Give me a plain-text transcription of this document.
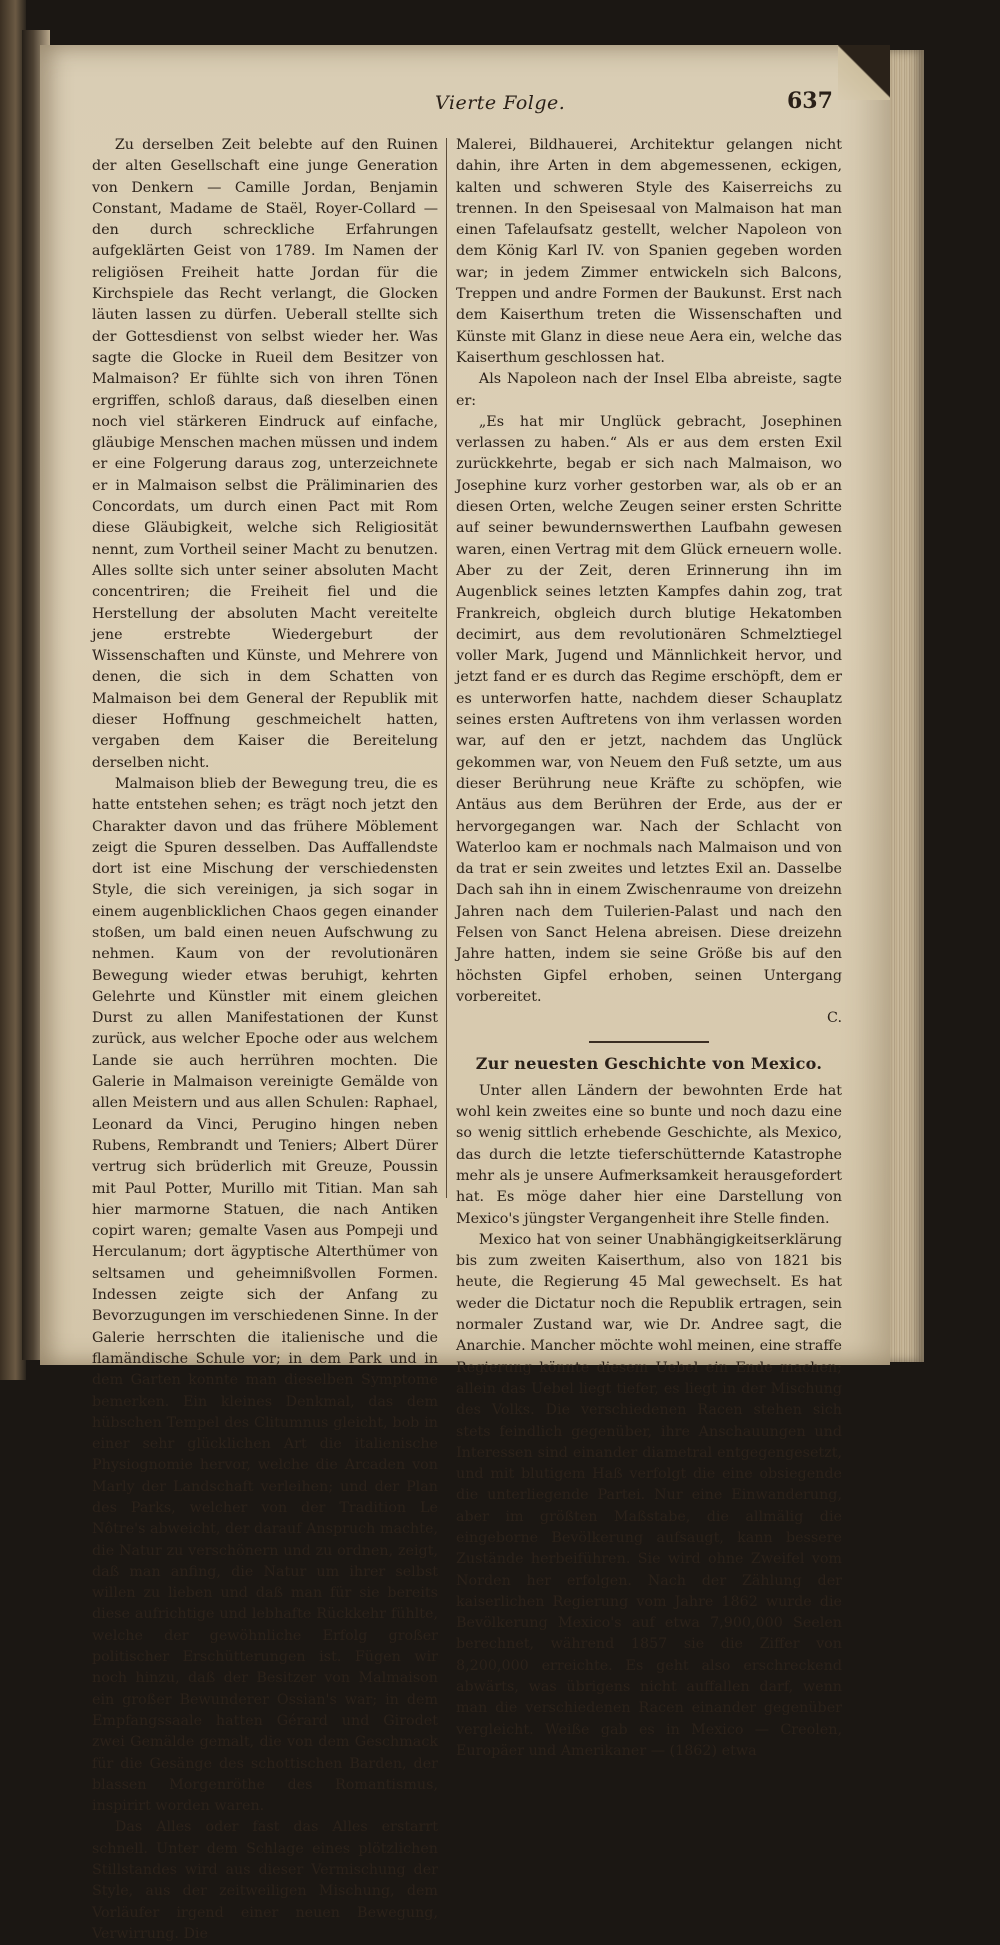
Vierte Folge.	637

Zu derselben Zeit belebte auf den Ruinen der alten Gesellschaft eine junge Generation von Denkern — Camille Jordan, Benjamin Constant, Madame de Staël, Royer-Collard — den durch schreckliche Erfahrungen aufgeklärten Geist von 1789. Im Namen der religiösen Freiheit hatte Jordan für die Kirchspiele das Recht verlangt, die Glocken läuten lassen zu dürfen. Ueberall stellte sich der Gottesdienst von selbst wieder her. Was sagte die Glocke in Rueil dem Besitzer von Malmaison? Er fühlte sich von ihren Tönen ergriffen, schloß daraus, daß dieselben einen noch viel stärkeren Eindruck auf einfache, gläubige Menschen machen müssen und indem er eine Folgerung daraus zog, unterzeichnete er in Malmaison selbst die Präliminarien des Concordats, um durch einen Pact mit Rom diese Gläubigkeit, welche sich Religiosität nennt, zum Vortheil seiner Macht zu benutzen. Alles sollte sich unter seiner absoluten Macht concentriren; die Freiheit fiel und die Herstellung der absoluten Macht vereitelte jene erstrebte Wiedergeburt der Wissenschaften und Künste, und Mehrere von denen, die sich in dem Schatten von Malmaison bei dem General der Republik mit dieser Hoffnung geschmeichelt hatten, vergaben dem Kaiser die Bereitelung derselben nicht.

Malmaison blieb der Bewegung treu, die es hatte entstehen sehen; es trägt noch jetzt den Charakter davon und das frühere Möblement zeigt die Spuren desselben. Das Auffallendste dort ist eine Mischung der verschiedensten Style, die sich vereinigen, ja sich sogar in einem augenblicklichen Chaos gegen einander stoßen, um bald einen neuen Aufschwung zu nehmen. Kaum von der revolutionären Bewegung wieder etwas beruhigt, kehrten Gelehrte und Künstler mit einem gleichen Durst zu allen Manifestationen der Kunst zurück, aus welcher Epoche oder aus welchem Lande sie auch herrühren mochten. Die Galerie in Malmaison vereinigte Gemälde von allen Meistern und aus allen Schulen: Raphael, Leonard da Vinci, Perugino hingen neben Rubens, Rembrandt und Teniers; Albert Dürer vertrug sich brüderlich mit Greuze, Poussin mit Paul Potter, Murillo mit Titian. Man sah hier marmorne Statuen, die nach Antiken copirt waren; gemalte Vasen aus Pompeji und Herculanum; dort ägyptische Alterthümer von seltsamen und geheimnißvollen Formen. Indessen zeigte sich der Anfang zu Bevorzugungen im verschiedenen Sinne. In der Galerie herrschten die italienische und die flamändische Schule vor; in dem Park und in dem Garten konnte man dieselben Symptome bemerken. Ein kleines Denkmal, das dem hübschen Tempel des Clitumnus gleicht, bob in einer sehr glücklichen Art die italienische Physiognomie hervor, welche die Arcaden von Marly der Landschaft verleihen; und der Plan des Parks, welcher von der Tradition Le Nôtre's abweicht, der darauf Anspruch machte, die Natur zu verschönern und zu ordnen, zeigt, daß man anfing, die Natur um ihrer selbst willen zu lieben und daß man für sie bereits diese aufrichtige und lebhafte Rückkehr fühlte, welche der gewöhnliche Erfolg großer politischer Erschütterungen ist. Fügen wir noch hinzu, daß der Besitzer von Malmaison ein großer Bewunderer Ossian's war; in dem Empfangssaale hatten Gérard und Girodet zwei Gemälde gemalt, die von dem Geschmack für die Gesänge des schottischen Barden, der blassen Morgenröthe des Romantismus, inspirirt worden waren.

Das Alles oder fast das Alles erstarrt schnell. Unter dem Schlage eines plötzlichen Stillstandes wird aus dieser Vermischung der Style, aus der zeitweiligen Mischung, dem Vorläufer irgend einer neuen Bewegung, Verwirrung. Die

Malerei, Bildhauerei, Architektur gelangen nicht dahin, ihre Arten in dem abgemessenen, eckigen, kalten und schweren Style des Kaiserreichs zu trennen. In den Speisesaal von Malmaison hat man einen Tafelaufsatz gestellt, welcher Napoleon von dem König Karl IV. von Spanien gegeben worden war; in jedem Zimmer entwickeln sich Balcons, Treppen und andre Formen der Baukunst. Erst nach dem Kaiserthum treten die Wissenschaften und Künste mit Glanz in diese neue Aera ein, welche das Kaiserthum geschlossen hat.

Als Napoleon nach der Insel Elba abreiste, sagte er:

„Es hat mir Unglück gebracht, Josephinen verlassen zu haben.“ Als er aus dem ersten Exil zurückkehrte, begab er sich nach Malmaison, wo Josephine kurz vorher gestorben war, als ob er an diesen Orten, welche Zeugen seiner ersten Schritte auf seiner bewundernswerthen Laufbahn gewesen waren, einen Vertrag mit dem Glück erneuern wolle. Aber zu der Zeit, deren Erinnerung ihn im Augenblick seines letzten Kampfes dahin zog, trat Frankreich, obgleich durch blutige Hekatomben decimirt, aus dem revolutionären Schmelztiegel voller Mark, Jugend und Männlichkeit hervor, und jetzt fand er es durch das Regime erschöpft, dem er es unterworfen hatte, nachdem dieser Schauplatz seines ersten Auftretens von ihm verlassen worden war, auf den er jetzt, nachdem das Unglück gekommen war, von Neuem den Fuß setzte, um aus dieser Berührung neue Kräfte zu schöpfen, wie Antäus aus dem Berühren der Erde, aus der er hervorgegangen war. Nach der Schlacht von Waterloo kam er nochmals nach Malmaison und von da trat er sein zweites und letztes Exil an. Dasselbe Dach sah ihn in einem Zwischenraume von dreizehn Jahren nach dem Tuilerien-Palast und nach den Felsen von Sanct Helena abreisen. Diese dreizehn Jahre hatten, indem sie seine Größe bis auf den höchsten Gipfel erhoben, seinen Untergang vorbereitet.

C.
Zur neuesten Geschichte von Mexico.

Unter allen Ländern der bewohnten Erde hat wohl kein zweites eine so bunte und noch dazu eine so wenig sittlich erhebende Geschichte, als Mexico, das durch die letzte tieferschütternde Katastrophe mehr als je unsere Aufmerksamkeit herausgefordert hat. Es möge daher hier eine Darstellung von Mexico's jüngster Vergangenheit ihre Stelle finden.

Mexico hat von seiner Unabhängigkeitserklärung bis zum zweiten Kaiserthum, also von 1821 bis heute, die Regierung 45 Mal gewechselt. Es hat weder die Dictatur noch die Republik ertragen, sein normaler Zustand war, wie Dr. Andree sagt, die Anarchie. Mancher möchte wohl meinen, eine straffe Regierung könnte diesem Uebel ein Ende machen; allein das Uebel liegt tiefer, es liegt in der Mischung des Volks. Die verschiedenen Racen stehen sich stets feindlich gegenüber, ihre Anschauungen und Interessen sind einander diametral entgegengesetzt, und mit blutigem Haß verfolgt die eine obsiegende die unterliegende Partei. Nur eine Einwanderung, aber im größten Maßstabe, die allmälig die eingeborne Bevölkerung aufsaugt, kann bessere Zustände herbeiführen. Sie wird ohne Zweifel vom Norden her erfolgen. Nach der Zählung der kaiserlichen Regierung vom Jahre 1862 wurde die Bevölkerung Mexico's auf etwa 7,900,000 Seelen berechnet, während 1857 sie die Ziffer von 8,200,000 erreichte. Es geht also erschreckend abwärts, was übrigens nicht auffallen darf, wenn man die verschiedenen Racen einander gegenüber vergleicht. Weiße gab es in Mexico — Creolen, Europäer und Amerikaner — (1862) etwa
